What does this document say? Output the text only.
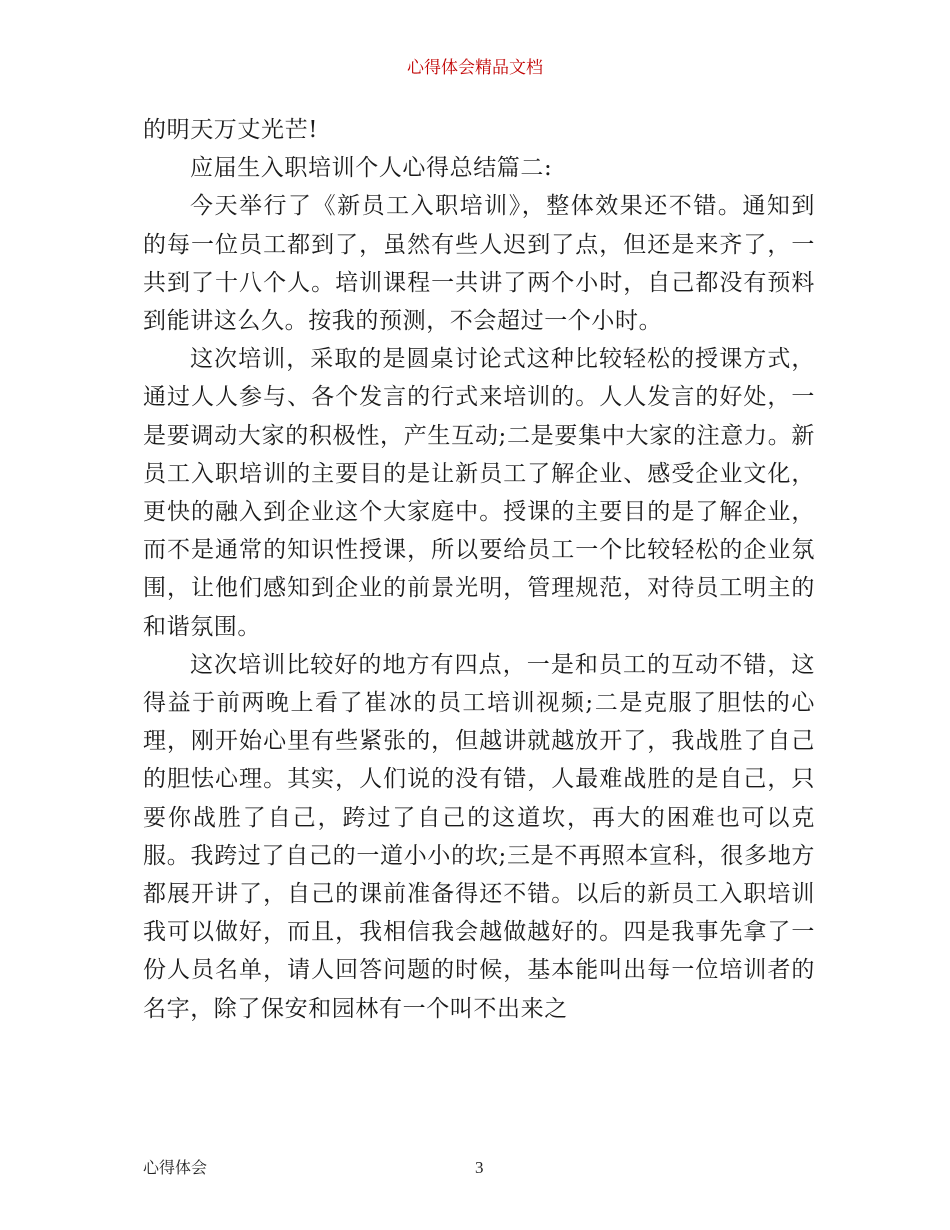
心得体会精品文档

的明天万丈光芒!

应届生入职培训个人心得总结篇二:

今天举行了《新员工入职培训》，整体效果还不错。通知到的每一位员工都到了，虽然有些人迟到了点，但还是来齐了，一共到了十八个人。培训课程一共讲了两个小时，自己都没有预料到能讲这么久。按我的预测，不会超过一个小时。

这次培训，采取的是圆桌讨论式这种比较轻松的授课方式，通过人人参与、各个发言的行式来培训的。人人发言的好处，一是要调动大家的积极性，产生互动;二是要集中大家的注意力。新员工入职培训的主要目的是让新员工了解企业、感受企业文化，更快的融入到企业这个大家庭中。授课的主要目的是了解企业，而不是通常的知识性授课，所以要给员工一个比较轻松的企业氛围，让他们感知到企业的前景光明，管理规范，对待员工明主的和谐氛围。

这次培训比较好的地方有四点，一是和员工的互动不错，这得益于前两晚上看了崔冰的员工培训视频;二是克服了胆怯的心理，刚开始心里有些紧张的，但越讲就越放开了，我战胜了自己的胆怯心理。其实，人们说的没有错，人最难战胜的是自己，只要你战胜了自己，跨过了自己的这道坎，再大的困难也可以克服。我跨过了自己的一道小小的坎;三是不再照本宣科，很多地方都展开讲了，自己的课前准备得还不错。以后的新员工入职培训我可以做好，而且，我相信我会越做越好的。四是我事先拿了一份人员名单，请人回答问题的时候，基本能叫出每一位培训者的名字，除了保安和园林有一个叫不出来之

心得体会	3
